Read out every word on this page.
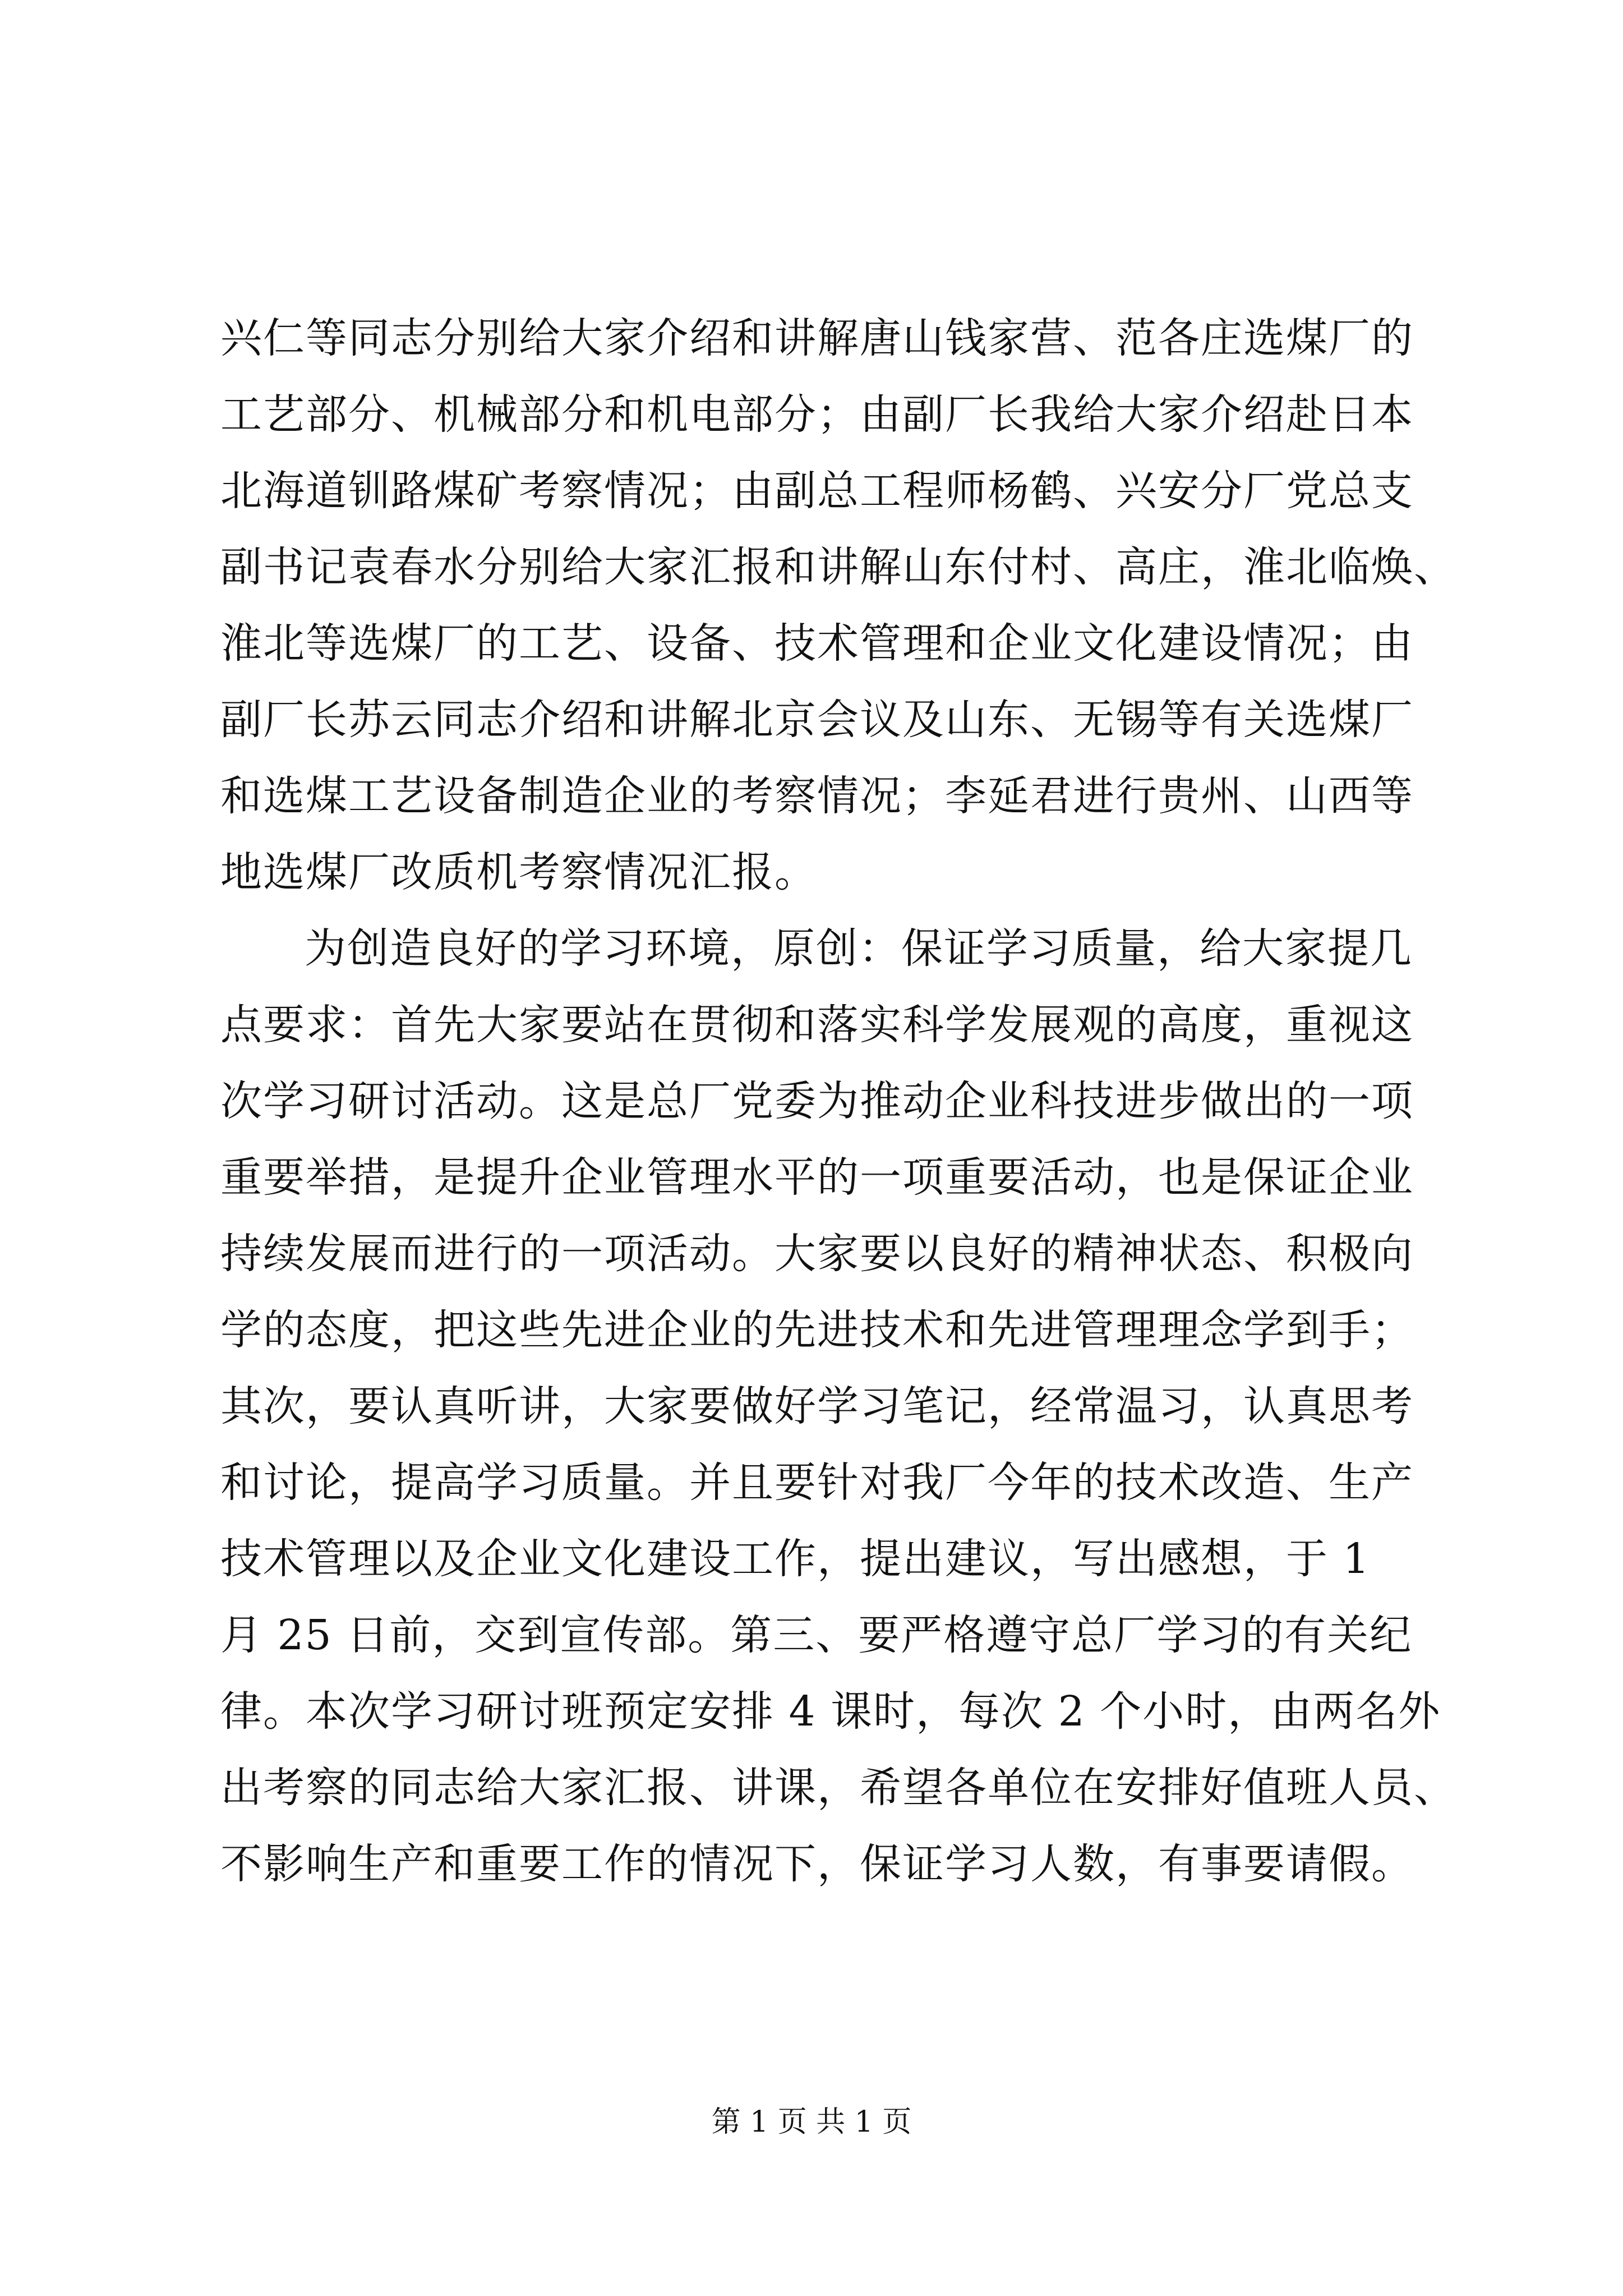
兴仁等同志分别给大家介绍和讲解唐山钱家营、范各庄选煤厂的
工艺部分、机械部分和机电部分；由副厂长我给大家介绍赴日本
北海道钏路煤矿考察情况；由副总工程师杨鹤、兴安分厂党总支
副书记袁春水分别给大家汇报和讲解山东付村、高庄，淮北临焕、
淮北等选煤厂的工艺、设备、技术管理和企业文化建设情况；由
副厂长苏云同志介绍和讲解北京会议及山东、无锡等有关选煤厂
和选煤工艺设备制造企业的考察情况；李延君进行贵州、山西等
地选煤厂改质机考察情况汇报。
为创造良好的学习环境，原创：保证学习质量，给大家提几
点要求：首先大家要站在贯彻和落实科学发展观的高度，重视这
次学习研讨活动。这是总厂党委为推动企业科技进步做出的一项
重要举措，是提升企业管理水平的一项重要活动，也是保证企业
持续发展而进行的一项活动。大家要以良好的精神状态、积极向
学的态度，把这些先进企业的先进技术和先进管理理念学到手；
其次，要认真听讲，大家要做好学习笔记，经常温习，认真思考
和讨论，提高学习质量。并且要针对我厂今年的技术改造、生产
技术管理以及企业文化建设工作，提出建议，写出感想，于 1
月 25 日前，交到宣传部。第三、要严格遵守总厂学习的有关纪
律。本次学习研讨班预定安排 4 课时，每次 2 个小时，由两名外
出考察的同志给大家汇报、讲课，希望各单位在安排好值班人员、
不影响生产和重要工作的情况下，保证学习人数，有事要请假。
第 1 页 共 1 页
